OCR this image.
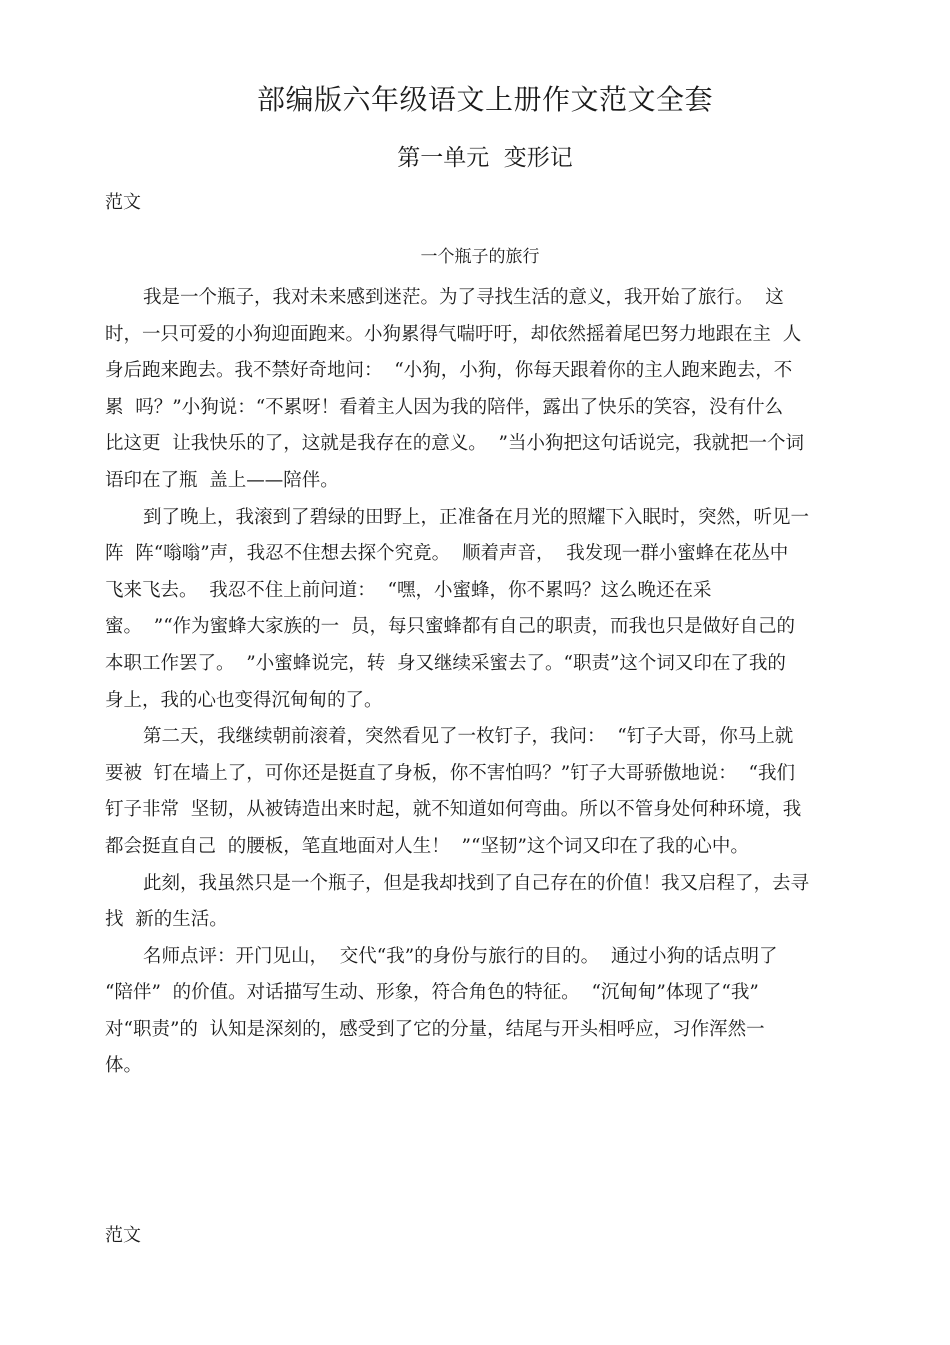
部编版六年级语文上册作文范文全套
第一单元  变形记
范文
一个瓶子的旅行
我是一个瓶子，我对未来感到迷茫。为了寻找生活的意义，我开始了旅行。  这
时，一只可爱的小狗迎面跑来。小狗累得气喘吁吁，却依然摇着尾巴努力地跟在主  人
身后跑来跑去。我不禁好奇地问：  “小狗，小狗，你每天跟着你的主人跑来跑去，不
累  吗？”小狗说：“不累呀！看着主人因为我的陪伴，露出了快乐的笑容，没有什么
比这更  让我快乐的了，这就是我存在的意义。  ”当小狗把这句话说完，我就把一个词
语印在了瓶  盖上——陪伴。
到了晚上，我滚到了碧绿的田野上，正准备在月光的照耀下入眠时，突然，听见一
阵  阵“嗡嗡”声，我忍不住想去探个究竟。  顺着声音，  我发现一群小蜜蜂在花丛中
飞来飞去。  我忍不住上前问道：  “嘿，小蜜蜂，你不累吗？这么晚还在采
蜜。  ”“作为蜜蜂大家族的一  员，每只蜜蜂都有自己的职责，而我也只是做好自己的
本职工作罢了。  ”小蜜蜂说完，转  身又继续采蜜去了。“职责”这个词又印在了我的
身上，我的心也变得沉甸甸的了。
第二天，我继续朝前滚着，突然看见了一枚钉子，我问：  “钉子大哥，你马上就
要被  钉在墙上了，可你还是挺直了身板，你不害怕吗？”钉子大哥骄傲地说：  “我们
钉子非常  坚韧，从被铸造出来时起，就不知道如何弯曲。所以不管身处何种环境，我
都会挺直自己  的腰板，笔直地面对人生！  ”“坚韧”这个词又印在了我的心中。
此刻，我虽然只是一个瓶子，但是我却找到了自己存在的价值！我又启程了，去寻
找  新的生活。
名师点评：开门见山，  交代“我”的身份与旅行的目的。  通过小狗的话点明了
“陪伴”  的价值。对话描写生动、形象，符合角色的特征。  “沉甸甸”体现了“我”
对“职责”的  认知是深刻的，感受到了它的分量，结尾与开头相呼应，习作浑然一
体。
范文
